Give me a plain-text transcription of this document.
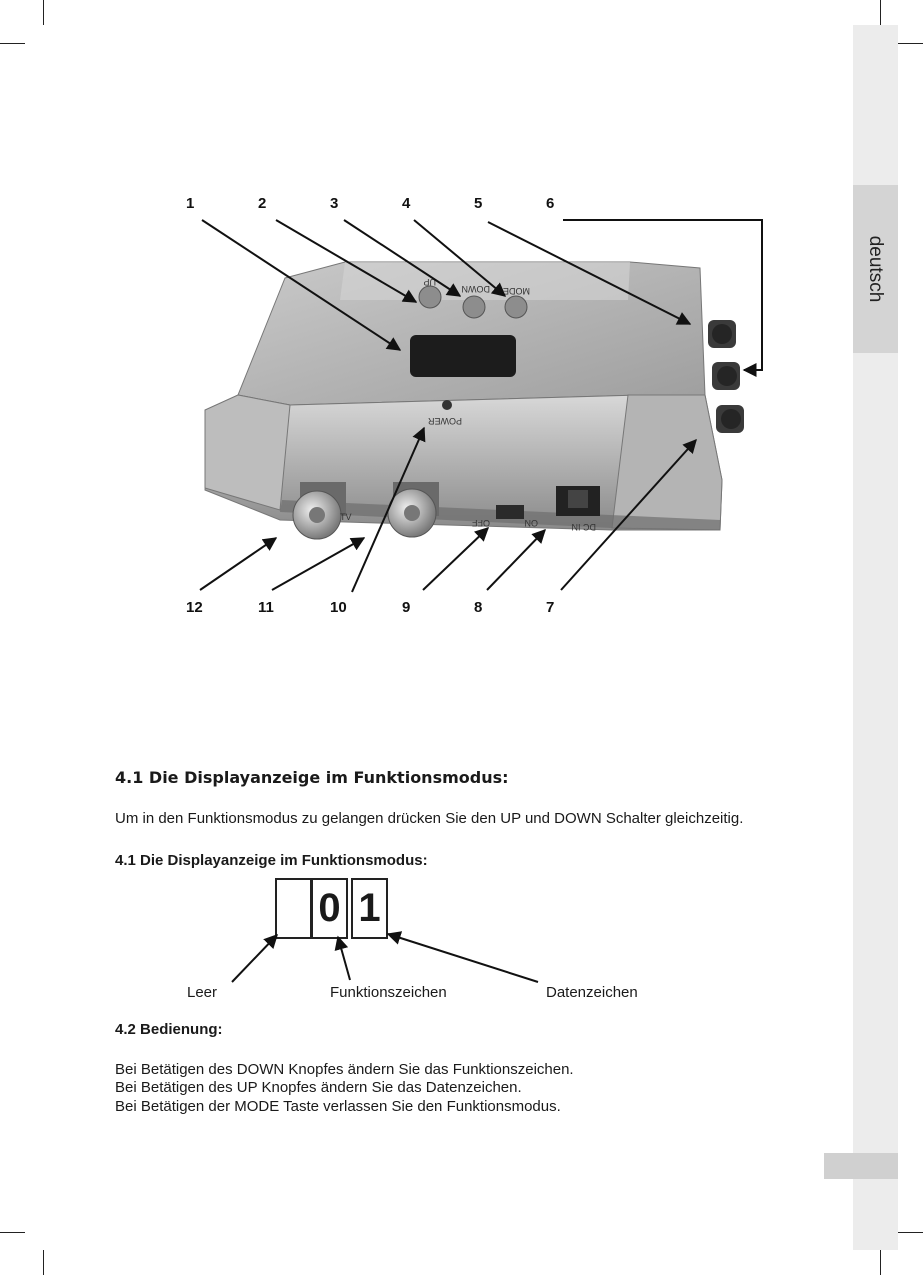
deutsch
UP
DOWN MODE
POWER
TV
OFF	ON	DC IN
1	2	3	4	5	6
12	11	10	9	8	7
4.1 Die Displayanzeige im Funktionsmodus:
Um in den Funktionsmodus zu gelangen drücken Sie den UP und DOWN Schalter gleichzeitig.
4.1 Die Displayanzeige im Funktionsmodus:
0 1
Leer	Funktionszeichen	Datenzeichen
4.2 Bedienung:
Bei Betätigen des DOWN Knopfes ändern Sie das Funktionszeichen.
Bei Betätigen des UP Knopfes ändern Sie das Datenzeichen.
Bei Betätigen der MODE Taste verlassen Sie den Funktionsmodus.
